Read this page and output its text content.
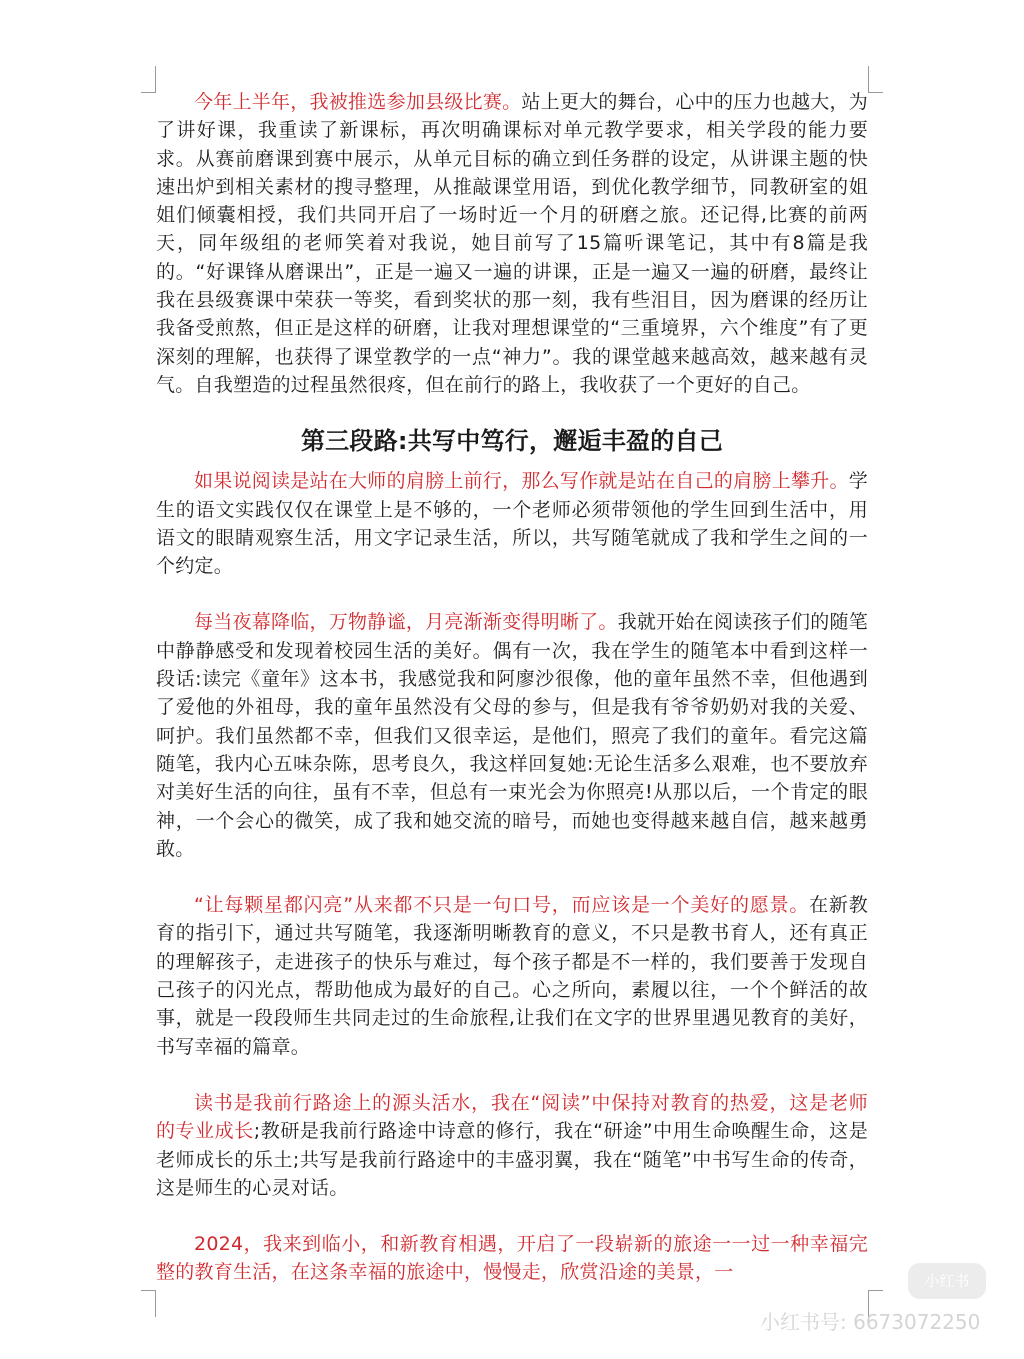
今年上半年，我被推选参加县级比赛。站上更大的舞台，心中的压力也越大，为了讲好课，我重读了新课标，再次明确课标对单元教学要求，相关学段的能力要求。从赛前磨课到赛中展示，从单元目标的确立到任务群的设定，从讲课主题的快速出炉到相关素材的搜寻整理，从推敲课堂用语，到优化教学细节，同教研室的姐姐们倾囊相授，我们共同开启了一场时近一个月的研磨之旅。还记得,比赛的前两天，同年级组的老师笑着对我说，她目前写了15篇听课笔记，其中有8篇是我的。“好课锋从磨课出”，正是一遍又一遍的讲课，正是一遍又一遍的研磨，最终让我在县级赛课中荣获一等奖，看到奖状的那一刻，我有些泪目，因为磨课的经历让我备受煎熬，但正是这样的研磨，让我对理想课堂的“三重境界，六个维度”有了更深刻的理解，也获得了课堂教学的一点“神力”。我的课堂越来越高效，越来越有灵气。自我塑造的过程虽然很疼，但在前行的路上，我收获了一个更好的自己。

第三段路:共写中笃行，邂逅丰盈的自己

如果说阅读是站在大师的肩膀上前行，那么写作就是站在自己的肩膀上攀升。学生的语文实践仅仅在课堂上是不够的，一个老师必须带领他的学生回到生活中，用语文的眼睛观察生活，用文字记录生活，所以，共写随笔就成了我和学生之间的一个约定。

每当夜幕降临，万物静谧，月亮渐渐变得明晰了。我就开始在阅读孩子们的随笔中静静感受和发现着校园生活的美好。偶有一次，我在学生的随笔本中看到这样一段话:读完《童年》这本书，我感觉我和阿廖沙很像，他的童年虽然不幸，但他遇到了爱他的外祖母，我的童年虽然没有父母的参与，但是我有爷爷奶奶对我的关爱、呵护。我们虽然都不幸，但我们又很幸运，是他们，照亮了我们的童年。看完这篇随笔，我内心五味杂陈，思考良久，我这样回复她:无论生活多么艰难，也不要放弃对美好生活的向往，虽有不幸，但总有一束光会为你照亮!从那以后，一个肯定的眼神，一个会心的微笑，成了我和她交流的暗号，而她也变得越来越自信，越来越勇敢。

“让每颗星都闪亮”从来都不只是一句口号，而应该是一个美好的愿景。在新教育的指引下，通过共写随笔，我逐渐明晰教育的意义，不只是教书育人，还有真正的理解孩子，走进孩子的快乐与难过，每个孩子都是不一样的，我们要善于发现自己孩子的闪光点，帮助他成为最好的自己。心之所向，素履以往，一个个鲜活的故事，就是一段段师生共同走过的生命旅程,让我们在文字的世界里遇见教育的美好，书写幸福的篇章。

读书是我前行路途上的源头活水，我在“阅读”中保持对教育的热爱，这是老师的专业成长;教研是我前行路途中诗意的修行，我在“研途”中用生命唤醒生命，这是老师成长的乐土;共写是我前行路途中的丰盛羽翼，我在“随笔”中书写生命的传奇，这是师生的心灵对话。

2024，我来到临小，和新教育相遇，开启了一段崭新的旅途一一过一种幸福完整的教育生活，在这条幸福的旅途中，慢慢走，欣赏沿途的美景，一	小红书
小红书号: 6673072250
